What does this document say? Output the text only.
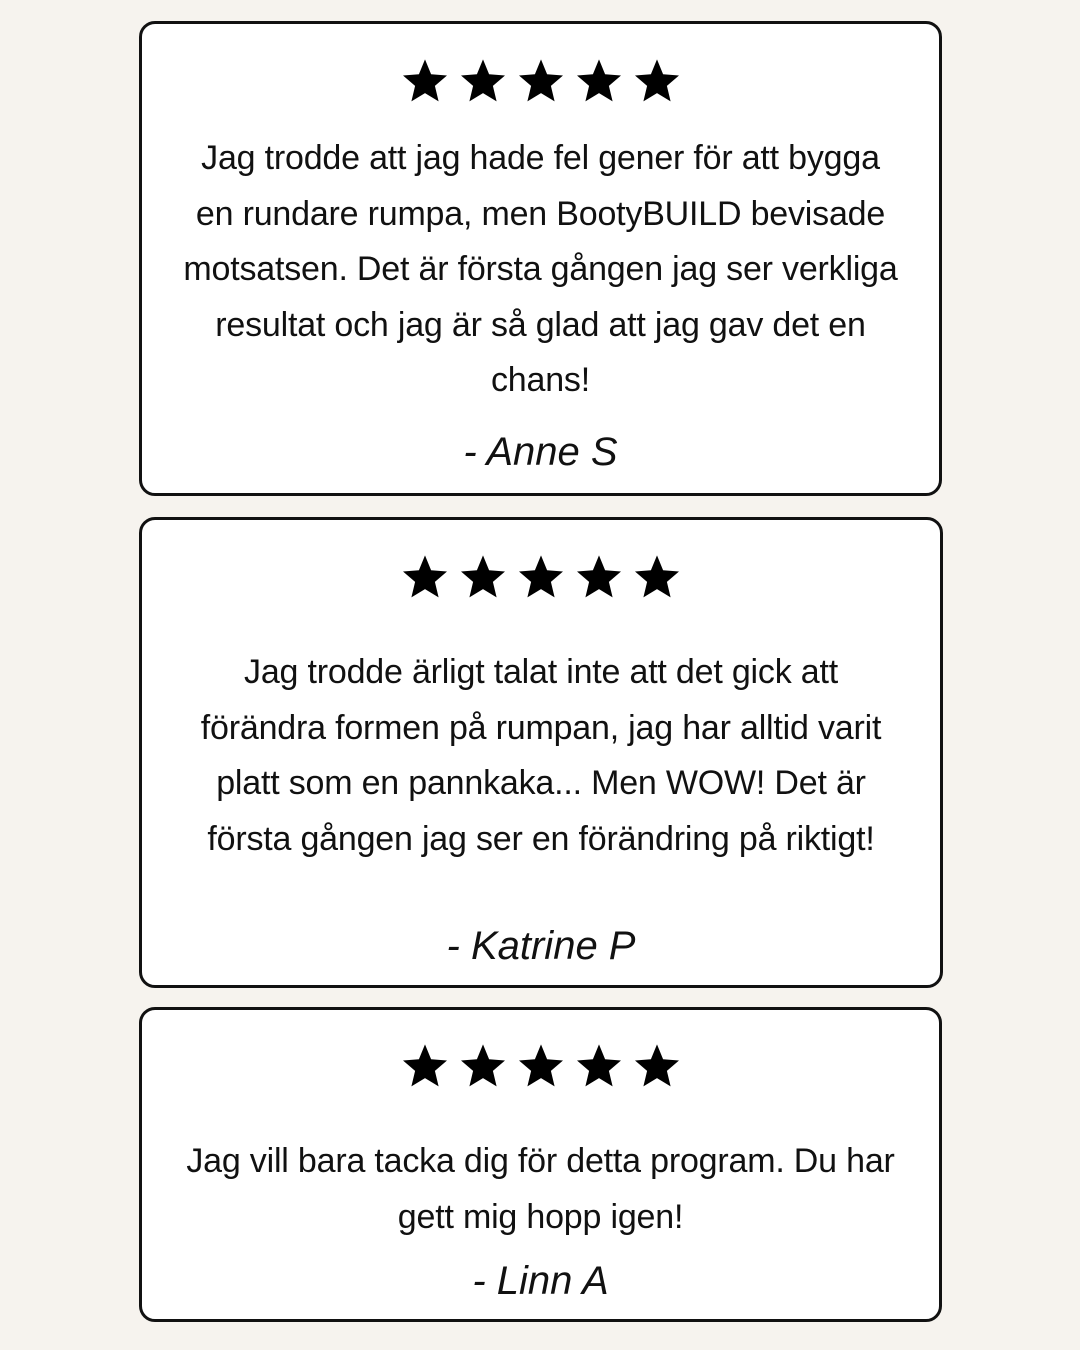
Jag trodde att jag hade fel gener för att bygga en rundare rumpa, men BootyBUILD bevisade motsatsen. Det är första gången jag ser verkliga resultat och jag är så glad att jag gav det en chans!

- Anne S

Jag trodde ärligt talat inte att det gick att förändra formen på rumpan, jag har alltid varit platt som en pannkaka... Men WOW! Det är första gången jag ser en förändring på riktigt!

- Katrine P

Jag vill bara tacka dig för detta program. Du har gett mig hopp igen!

- Linn A
